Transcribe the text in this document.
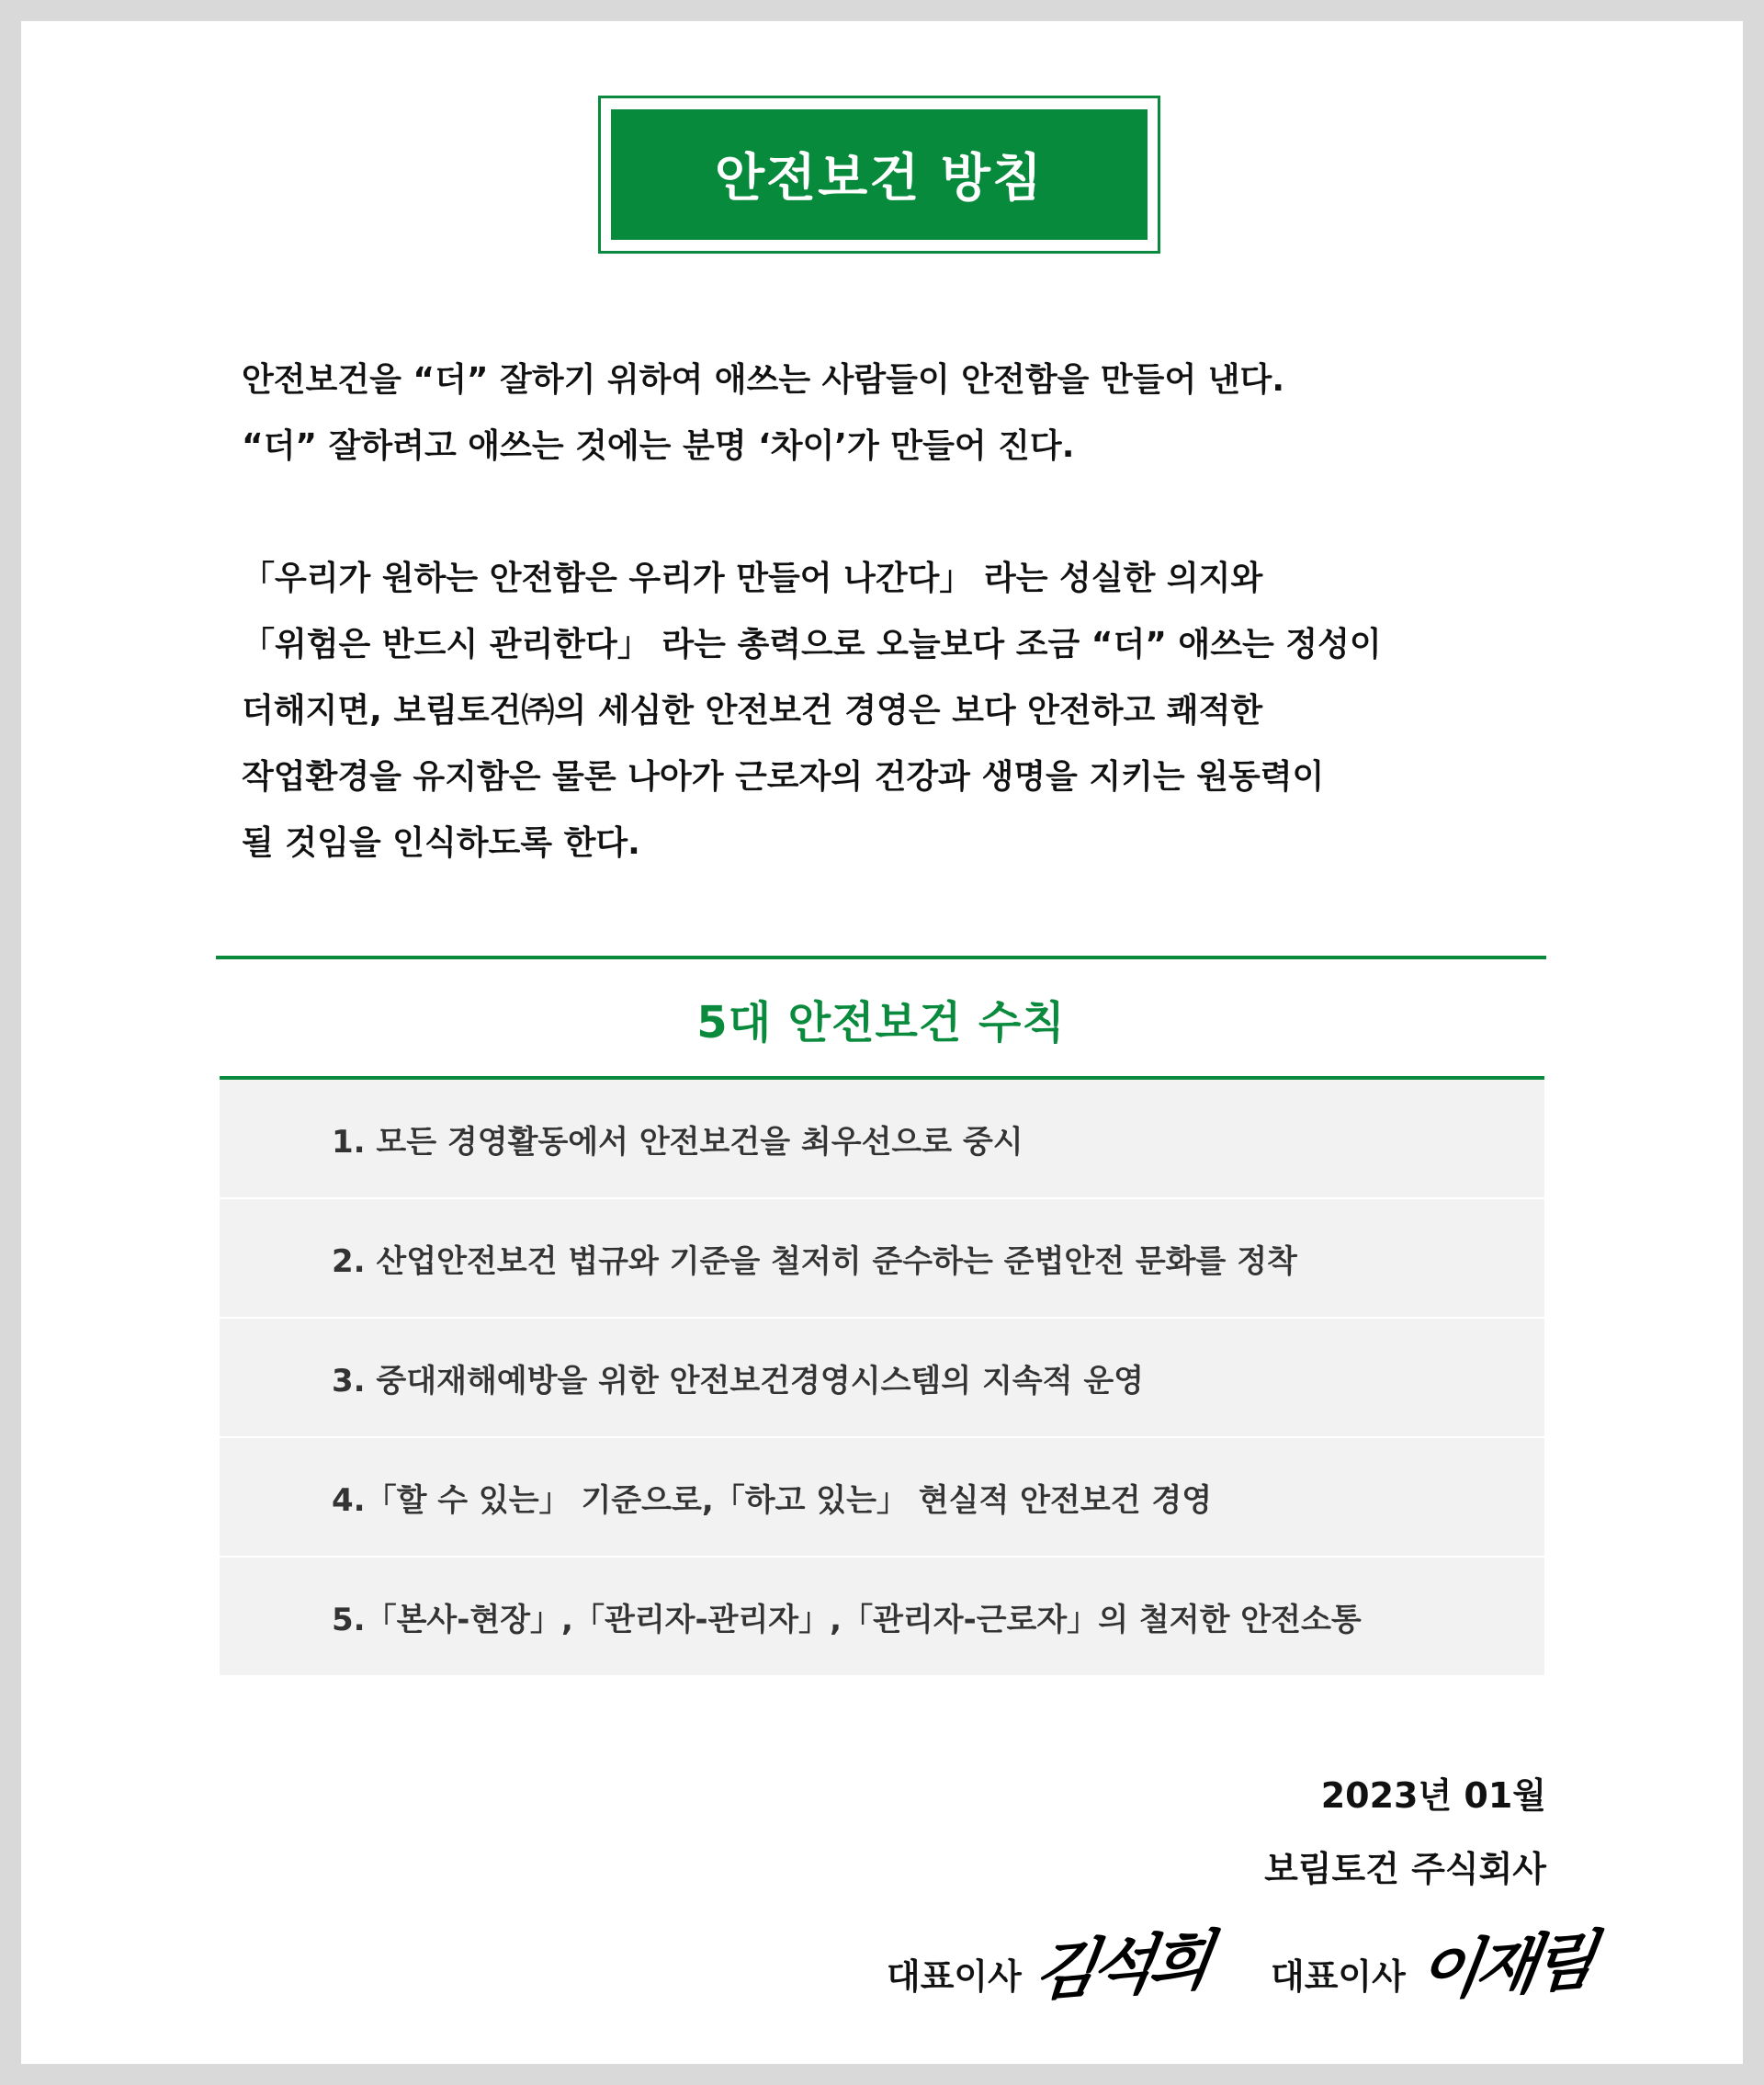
안전보건 방침
안전보건을 “더” 잘하기 위하여 애쓰는 사람들이 안전함을 만들어 낸다.
“더” 잘하려고 애쓰는 것에는 분명 ‘차이’가 만들어 진다.
「우리가 원하는 안전함은 우리가 만들어 나간다」 라는 성실한 의지와
「위험은 반드시 관리한다」 라는 총력으로 오늘보다 조금 “더” 애쓰는 정성이
더해지면, 보림토건㈜의 세심한 안전보건 경영은 보다 안전하고 쾌적한
작업환경을 유지함은 물론 나아가 근로자의 건강과 생명을 지키는 원동력이
될 것임을 인식하도록 한다.
5대 안전보건 수칙
1. 모든 경영활동에서 안전보건을 최우선으로 중시
2. 산업안전보건 법규와 기준을 철저히 준수하는 준법안전 문화를 정착
3. 중대재해예방을 위한 안전보건경영시스템의 지속적 운영
4.「할 수 있는」 기준으로,「하고 있는」 현실적 안전보건 경영
5.「본사-현장」,「관리자-관리자」,「관리자-근로자」의 철저한 안전소통
2023년 01월
보림토건 주식회사
대표이사 김석희 대표이사 이재림
